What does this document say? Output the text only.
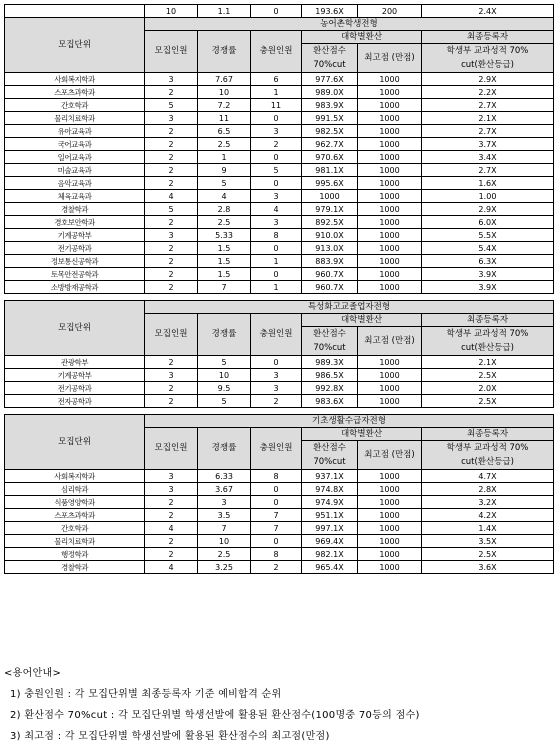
	10	1.1	0	193.6X	200	2.4X
모집단위	농어촌학생전형					
	모집인원	경쟁률	충원인원	대학별환산		최종등록자
				환산점수 70%cut	최고점 (만점)	학생부 교과성적 70% cut(환산등급)

사회복지학과	3	7.67	6	977.6X	1000	2.9X
스포츠과학과	2	10	1	989.0X	1000	2.2X
간호학과	5	7.2	11	983.9X	1000	2.7X
물리치료학과	3	11	0	991.5X	1000	2.1X
유아교육과	2	6.5	3	982.5X	1000	2.7X
국어교육과	2	2.5	2	962.7X	1000	3.7X
일어교육과	2	1	0	970.6X	1000	3.4X
미술교육과	2	9	5	981.1X	1000	2.7X
음악교육과	2	5	0	995.6X	1000	1.6X
체육교육과	4	4	3	1000	1000	1.00
경찰학과	5	2.8	4	979.1X	1000	2.9X
경호보안학과	2	2.5	3	892.5X	1000	6.0X
기계공학부	3	5.33	8	910.0X	1000	5.5X
전기공학과	2	1.5	0	913.0X	1000	5.4X
정보통신공학과	2	1.5	1	883.9X	1000	6.3X
토목안전공학과	2	1.5	0	960.7X	1000	3.9X
소방방재공학과	2	7	1	960.7X	1000	3.9X

모집단위	특성화고교졸업자전형					
	모집인원	경쟁률	충원인원	대학별환산		최종등록자
				환산점수 70%cut	최고점 (만점)	학생부 교과성적 70% cut(환산등급)

관광학부	2	5	0	989.3X	1000	2.1X
기계공학부	3	10	3	986.5X	1000	2.5X
전기공학과	2	9.5	3	992.8X	1000	2.0X
전자공학과	2	5	2	983.6X	1000	2.5X

모집단위	기초생활수급자전형					
	모집인원	경쟁률	충원인원	대학별환산		최종등록자
				환산점수 70%cut	최고점 (만점)	학생부 교과성적 70% cut(환산등급)

사회복지학과	3	6.33	8	937.1X	1000	4.7X
심리학과	3	3.67	0	974.8X	1000	2.8X
식품영양학과	2	3	0	974.9X	1000	3.2X
스포츠과학과	2	3.5	7	951.1X	1000	4.2X
간호학과	4	7	7	997.1X	1000	1.4X
물리치료학과	2	10	0	969.4X	1000	3.5X
행정학과	2	2.5	8	982.1X	1000	2.5X
경찰학과	4	3.25	2	965.4X	1000	3.6X
<용어안내>
1) 충원인원 : 각 모집단위별 최종등록자 기준 예비합격 순위
2) 환산점수 70%cut : 각 모집단위별 학생선발에 활용된 환산점수(100명중 70등의 점수)
3) 최고점 : 각 모집단위별 학생선발에 활용된 환산점수의 최고점(만점)
